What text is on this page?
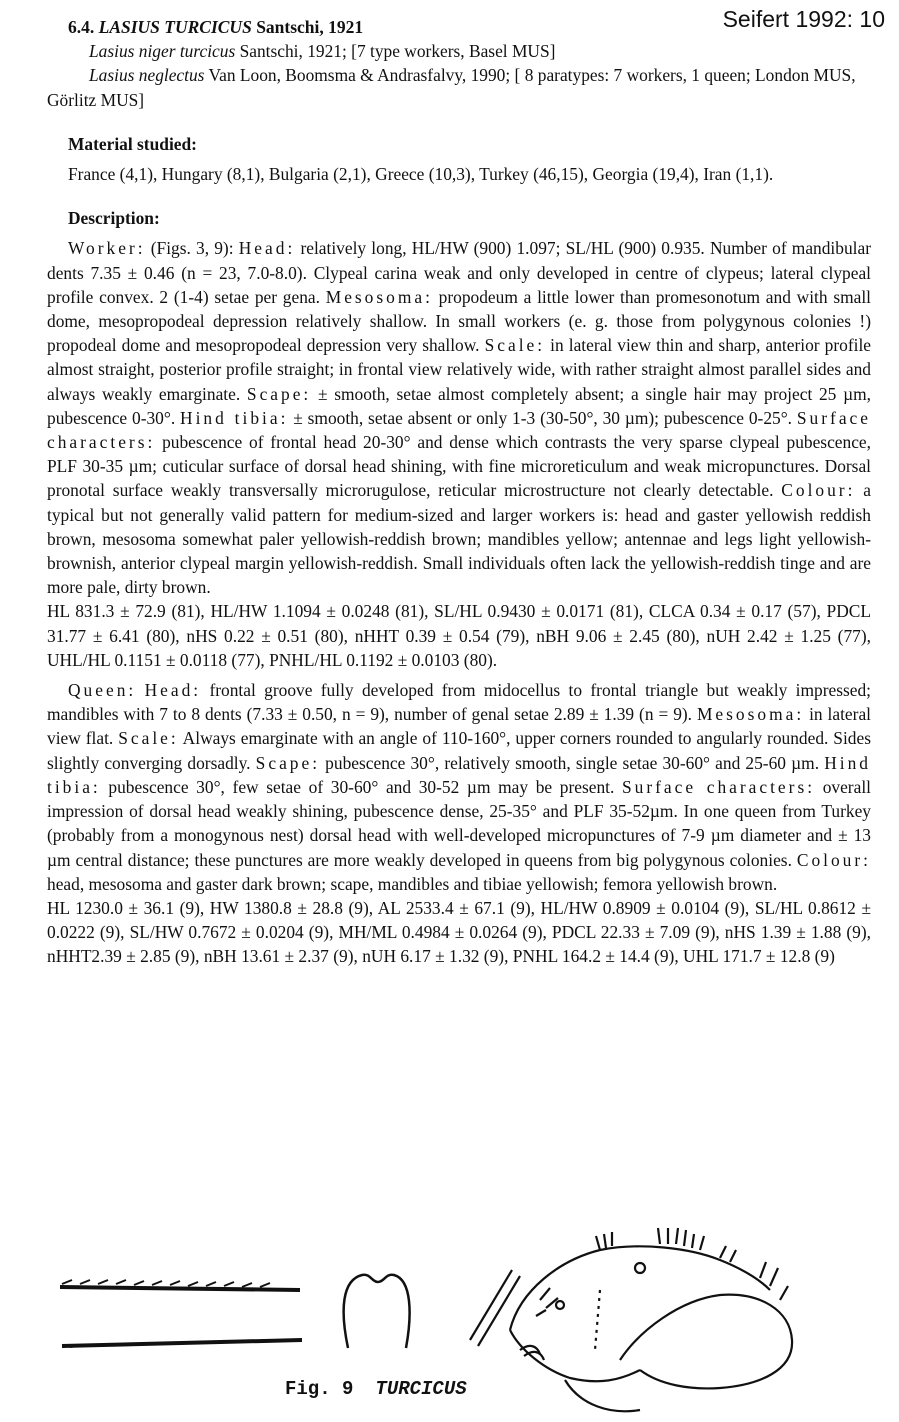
Seifert 1992: 10
6.4. LASIUS TURCICUS Santschi, 1921
Lasius niger turcicus Santschi, 1921; [7 type workers, Basel MUS]
Lasius neglectus Van Loon, Boomsma & Andrasfalvy, 1990; [ 8 paratypes: 7 workers, 1 queen; London MUS, Görlitz MUS]
Material studied:

France (4,1), Hungary (8,1), Bulgaria (2,1), Greece (10,3), Turkey (46,15), Georgia (19,4), Iran (1,1).

Description:

Worker: (Figs. 3, 9): Head: relatively long, HL/HW (900) 1.097; SL/HL (900) 0.935. Number of mandibular dents 7.35 ± 0.46 (n = 23, 7.0-8.0). Clypeal carina weak and only developed in centre of clypeus; lateral clypeal profile convex. 2 (1-4) setae per gena. Mesosoma: propodeum a little lower than promesonotum and with small dome, mesopropodeal depression relatively shallow. In small workers (e. g. those from polygynous colonies !) propodeal dome and mesopropodeal depression very shallow. Scale: in lateral view thin and sharp, anterior profile almost straight, posterior profile straight; in frontal view relatively wide, with rather straight almost parallel sides and always weakly emarginate. Scape: ± smooth, setae almost completely absent; a single hair may project 25 µm, pubescence 0-30°. Hind tibia: ± smooth, setae absent or only 1-3 (30-50°, 30 µm); pubescence 0-25°. Surface characters: pubescence of frontal head 20-30° and dense which contrasts the very sparse clypeal pubescence, PLF 30-35 µm; cuticular surface of dorsal head shining, with fine microreticulum and weak micropunctures. Dorsal pronotal surface weakly transversally microrugulose, reticular microstructure not clearly detectable. Colour: a typical but not generally valid pattern for medium-sized and larger workers is: head and gaster yellowish reddish brown, mesosoma somewhat paler yellowish-reddish brown; mandibles yellow; antennae and legs light yellowish-brownish, anterior clypeal margin yellowish-reddish. Small individuals often lack the yellowish-reddish tinge and are more pale, dirty brown.

HL 831.3 ± 72.9 (81), HL/HW 1.1094 ± 0.0248 (81), SL/HL 0.9430 ± 0.0171 (81), CLCA 0.34 ± 0.17 (57), PDCL 31.77 ± 6.41 (80), nHS 0.22 ± 0.51 (80), nHHT 0.39 ± 0.54 (79), nBH 9.06 ± 2.45 (80), nUH 2.42 ± 1.25 (77), UHL/HL 0.1151 ± 0.0118 (77), PNHL/HL 0.1192 ± 0.0103 (80).

Queen: Head: frontal groove fully developed from midocellus to frontal triangle but weakly impressed; mandibles with 7 to 8 dents (7.33 ± 0.50, n = 9), number of genal setae 2.89 ± 1.39 (n = 9). Mesosoma: in lateral view flat. Scale: Always emarginate with an angle of 110-160°, upper corners rounded to angularly rounded. Sides slightly converging dorsadly. Scape: pubescence 30°, relatively smooth, single setae 30-60° and 25-60 µm. Hind tibia: pubescence 30°, few setae of 30-60° and 30-52 µm may be present. Surface characters: overall impression of dorsal head weakly shining, pubescence dense, 25-35° and PLF 35-52µm. In one queen from Turkey (probably from a monogynous nest) dorsal head with well-developed micropunctures of 7-9 µm diameter and ± 13 µm central distance; these punctures are more weakly developed in queens from big polygynous colonies. Colour: head, mesosoma and gaster dark brown; scape, mandibles and tibiae yellowish; femora yellowish brown.

HL 1230.0 ± 36.1 (9), HW 1380.8 ± 28.8 (9), AL 2533.4 ± 67.1 (9), HL/HW 0.8909 ± 0.0104 (9), SL/HL 0.8612 ± 0.0222 (9), SL/HW 0.7672 ± 0.0204 (9), MH/ML 0.4984 ± 0.0264 (9), PDCL 22.33 ± 7.09 (9), nHS 1.39 ± 1.88 (9), nHHT2.39 ± 2.85 (9), nBH 13.61 ± 2.37 (9), nUH 6.17 ± 1.32 (9), PNHL 164.2 ± 14.4 (9), UHL 171.7 ± 12.8 (9)

Fig. 9 TURCICUS
